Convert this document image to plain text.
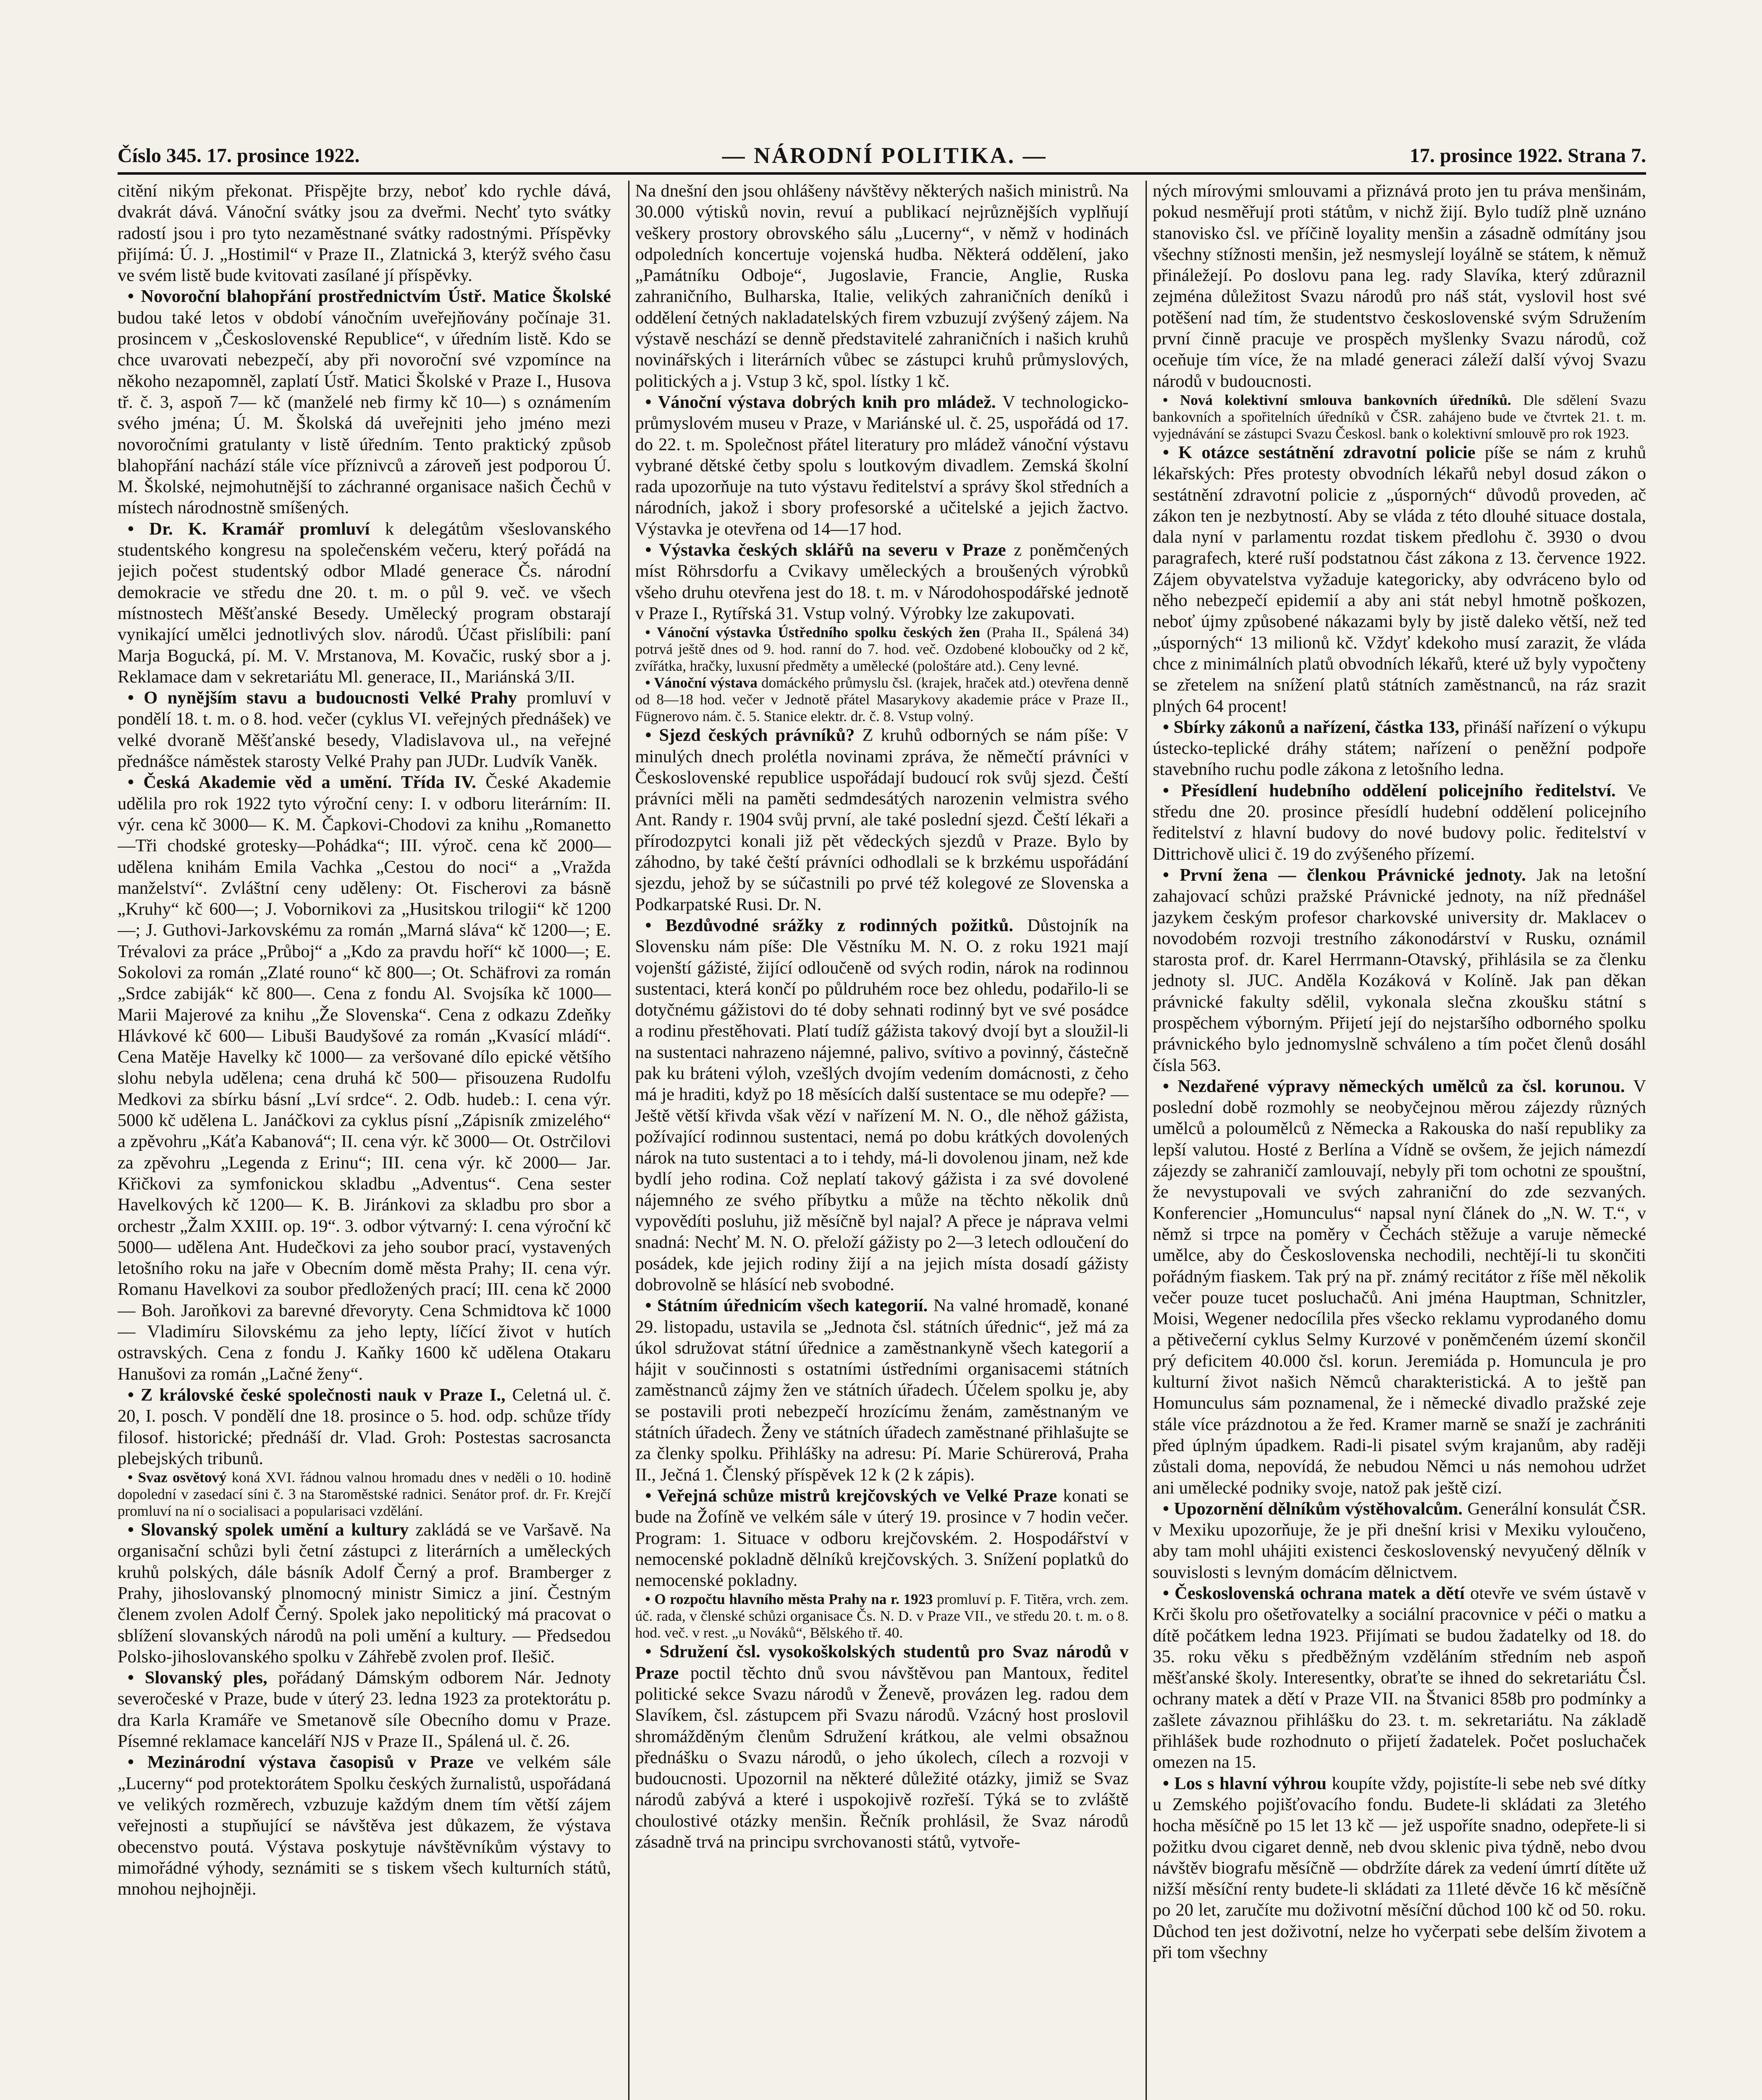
Číslo 345. 17. prosince 1922.	— NÁRODNÍ POLITIKA. —	17. prosince 1922. Strana 7.

citění nikým překonat. Přispějte brzy, neboť kdo rychle dává, dvakrát dává. Vánoční svátky jsou za dveřmi. Nechť tyto svátky radostí jsou i pro tyto nezaměstnané svátky radostnými. Příspěvky přijímá: Ú. J. „Hostimil“ v Praze II., Zlatnická 3, kterýž svého času ve svém listě bude kvitovati zasílané jí příspěvky.

• Novoroční blahopřání prostřednictvím Ústř. Matice Školské budou také letos v období vánočním uveřejňovány počínaje 31. prosincem v „Československé Republice“, v úředním listě. Kdo se chce uvarovati nebezpečí, aby při novoroční své vzpomínce na někoho nezapomněl, zaplatí Ústř. Matici Školské v Praze I., Husova tř. č. 3, aspoň 7— kč (manželé neb firmy kč 10—) s oznámením svého jména; Ú. M. Školská dá uveřejniti jeho jméno mezi novoročními gratulanty v listě úředním. Tento praktický způsob blahopřání nachází stále více příznivců a zároveň jest podporou Ú. M. Školské, nejmohutnější to záchranné organisace našich Čechů v místech národnostně smíšených.

• Dr. K. Kramář promluví k delegátům všeslovanského studentského kongresu na společenském večeru, který pořádá na jejich počest studentský odbor Mladé generace Čs. národní demokracie ve středu dne 20. t. m. o půl 9. več. ve všech místnostech Měšťanské Besedy. Umělecký program obstarají vynikající umělci jednotlivých slov. národů. Účast přislíbili: paní Marja Bogucká, pí. M. V. Mrstanova, M. Kovačic, ruský sbor a j. Reklamace dam v sekretariátu Ml. generace, II., Mariánská 3/II.

• O nynějším stavu a budoucnosti Velké Prahy promluví v pondělí 18. t. m. o 8. hod. večer (cyklus VI. veřejných přednášek) ve velké dvoraně Měšťanské besedy, Vladislavova ul., na veřejné přednášce náměstek starosty Velké Prahy pan JUDr. Ludvík Vaněk.

• Česká Akademie věd a umění. Třída IV. České Akademie udělila pro rok 1922 tyto výroční ceny: I. v odboru literárním: II. výr. cena kč 3000— K. M. Čapkovi-Chodovi za knihu „Romanetto—Tři chodské grotesky—Pohádka“; III. výroč. cena kč 2000— udělena knihám Emila Vachka „Cestou do noci“ a „Vražda manželství“. Zvláštní ceny uděleny: Ot. Fischerovi za básně „Kruhy“ kč 600—; J. Vobornikovi za „Husitskou trilogii“ kč 1200—; J. Guthovi-Jarkovskému za román „Marná sláva“ kč 1200—; E. Trévalovi za práce „Průboj“ a „Kdo za pravdu hoří“ kč 1000—; E. Sokolovi za román „Zlaté rouno“ kč 800—; Ot. Schäfrovi za román „Srdce zabiják“ kč 800—. Cena z fondu Al. Svojsíka kč 1000— Marii Majerové za knihu „Že Slovenska“. Cena z odkazu Zdeňky Hlávkové kč 600— Libuši Baudyšové za román „Kvasící mládí“. Cena Matěje Havelky kč 1000— za veršované dílo epické většího slohu nebyla udělena; cena druhá kč 500— přisouzena Rudolfu Medkovi za sbírku básní „Lví srdce“. 2. Odb. hudeb.: I. cena výr. 5000 kč udělena L. Janáčkovi za cyklus písní „Zápisník zmizelého“ a zpěvohru „Káťa Kabanová“; II. cena výr. kč 3000— Ot. Ostrčilovi za zpěvohru „Legenda z Erinu“; III. cena výr. kč 2000— Jar. Křičkovi za symfonickou skladbu „Adventus“. Cena sester Havelkových kč 1200— K. B. Jiránkovi za skladbu pro sbor a orchestr „Žalm XXIII. op. 19“. 3. odbor výtvarný: I. cena výroční kč 5000— udělena Ant. Hudečkovi za jeho soubor prací, vystavených letošního roku na jaře v Obecním domě města Prahy; II. cena výr. Romanu Havelkovi za soubor předložených prací; III. cena kč 2000— Boh. Jaroňkovi za barevné dřevoryty. Cena Schmidtova kč 1000— Vladimíru Silovskému za jeho lepty, líčící život v hutích ostravských. Cena z fondu J. Kaňky 1600 kč udělena Otakaru Hanušovi za román „Lačné ženy“.

• Z královské české společnosti nauk v Praze I., Celetná ul. č. 20, I. posch. V pondělí dne 18. prosince o 5. hod. odp. schůze třídy filosof. historické; přednáší dr. Vlad. Groh: Postestas sacrosancta plebejských tribunů.

• Svaz osvětový koná XVI. řádnou valnou hromadu dnes v neděli o 10. hodině dopolední v zasedací síni č. 3 na Staroměstské radnici. Senátor prof. dr. Fr. Krejčí promluví na ní o socialisaci a popularisaci vzdělání.

• Slovanský spolek umění a kultury zakládá se ve Varšavě. Na organisační schůzi byli četní zástupci z literárních a uměleckých kruhů polských, dále básník Adolf Černý a prof. Bramberger z Prahy, jihoslovanský plnomocný ministr Simicz a jiní. Čestným členem zvolen Adolf Černý. Spolek jako nepolitický má pracovat o sblížení slovanských národů na poli umění a kultury. — Předsedou Polsko-jihoslovanského spolku v Záhřebě zvolen prof. Ilešič.

• Slovanský ples, pořádaný Dámským odborem Nár. Jednoty severočeské v Praze, bude v úterý 23. ledna 1923 za protektorátu p. dra Karla Kramáře ve Smetanově síle Obecního domu v Praze. Písemné reklamace kanceláří NJS v Praze II., Spálená ul. č. 26.

• Mezinárodní výstava časopisů v Praze ve velkém sále „Lucerny“ pod protektorátem Spolku českých žurnalistů, uspořádaná ve velikých rozměrech, vzbuzuje každým dnem tím větší zájem veřejnosti a stupňující se návštěva jest důkazem, že výstava obecenstvo poutá. Výstava poskytuje návštěvníkům výstavy to mimořádné výhody, seznámiti se s tiskem všech kulturních států, mnohou nejhojněji.

Na dnešní den jsou ohlášeny návštěvy některých našich ministrů. Na 30.000 výtisků novin, revuí a publikací nejrůznějších vyplňují veškery prostory obrovského sálu „Lucerny“, v němž v hodinách odpoledních koncertuje vojenská hudba. Některá oddělení, jako „Památníku Odboje“, Jugoslavie, Francie, Anglie, Ruska zahraničního, Bulharska, Italie, velikých zahraničních deníků i oddělení četných nakladatelských firem vzbuzují zvýšený zájem. Na výstavě neschází se denně představitelé zahraničních i našich kruhů novinářských i literárních vůbec se zástupci kruhů průmyslových, politických a j. Vstup 3 kč, spol. lístky 1 kč.

• Vánoční výstava dobrých knih pro mládež. V technologicko-průmyslovém museu v Praze, v Mariánské ul. č. 25, uspořádá od 17. do 22. t. m. Společnost přátel literatury pro mládež vánoční výstavu vybrané dětské četby spolu s loutkovým divadlem. Zemská školní rada upozorňuje na tuto výstavu ředitelství a správy škol středních a národních, jakož i sbory profesorské a učitelské a jejich žactvo. Výstavka je otevřena od 14—17 hod.

• Výstavka českých sklářů na severu v Praze z poněmčených míst Röhrsdorfu a Cvikavy uměleckých a broušených výrobků všeho druhu otevřena jest do 18. t. m. v Národohospodářské jednotě v Praze I., Rytířská 31. Vstup volný. Výrobky lze zakupovati.

• Vánoční výstavka Ústředního spolku českých žen (Praha II., Spálená 34) potrvá ještě dnes od 9. hod. ranní do 7. hod. več. Ozdobené kloboučky od 2 kč, zvířátka, hračky, luxusní předměty a umělecké (pološtáre atd.). Ceny levné.

• Vánoční výstava domáckého průmyslu čsl. (krajek, hraček atd.) otevřena denně od 8—18 hod. večer v Jednotě přátel Masarykovy akademie práce v Praze II., Fügnerovo nám. č. 5. Stanice elektr. dr. č. 8. Vstup volný.

• Sjezd českých právníků? Z kruhů odborných se nám píše: V minulých dnech prolétla novinami zpráva, že němečtí právníci v Československé republice uspořádají budoucí rok svůj sjezd. Čeští právníci měli na paměti sedmdesátých narozenin velmistra svého Ant. Randy r. 1904 svůj první, ale také poslední sjezd. Čeští lékaři a přírodozpytci konali již pět vědeckých sjezdů v Praze. Bylo by záhodno, by také čeští právníci odhodlali se k brzkému uspořádání sjezdu, jehož by se súčastnili po prvé též kolegové ze Slovenska a Podkarpatské Rusi. Dr. N.

• Bezdůvodné srážky z rodinných požitků. Důstojník na Slovensku nám píše: Dle Věstníku M. N. O. z roku 1921 mají vojenští gážisté, žijící odloučeně od svých rodin, nárok na rodinnou sustentaci, která končí po půldruhém roce bez ohledu, podařilo-li se dotyčnému gážistovi do té doby sehnati rodinný byt ve své posádce a rodinu přestěhovati. Platí tudíž gážista takový dvojí byt a sloužil-li na sustentaci nahrazeno nájemné, palivo, svítivo a povinný, částečně pak ku bráteni výloh, vzešlých dvojím vedením domácnosti, z čeho má je hraditi, když po 18 měsících další sustentace se mu odepře? — Ještě větší křivda však vězí v nařízení M. N. O., dle něhož gážista, požívající rodinnou sustentaci, nemá po dobu krátkých dovolených nárok na tuto sustentaci a to i tehdy, má-li dovolenou jinam, než kde bydlí jeho rodina. Což neplatí takový gážista i za své dovolené nájemného ze svého příbytku a může na těchto několik dnů vypovědíti posluhu, již měsíčně byl najal? A přece je náprava velmi snadná: Nechť M. N. O. přeloží gážisty po 2—3 letech odloučení do posádek, kde jejich rodiny žijí a na jejich místa dosadí gážisty dobrovolně se hlásící neb svobodné.

• Státním úřednicím všech kategorií. Na valné hromadě, konané 29. listopadu, ustavila se „Jednota čsl. státních úřednic“, jež má za úkol sdružovat státní úřednice a zaměstnankyně všech kategorií a hájit v součinnosti s ostatními ústředními organisacemi státních zaměstnanců zájmy žen ve státních úřadech. Účelem spolku je, aby se postavili proti nebezpečí hrozícímu ženám, zaměstnaným ve státních úřadech. Ženy ve státních úřadech zaměstnané přihlašujte se za členky spolku. Přihlášky na adresu: Pí. Marie Schürerová, Praha II., Ječná 1. Členský příspěvek 12 k (2 k zápis).

• Veřejná schůze mistrů krejčovských ve Velké Praze konati se bude na Žofíně ve velkém sále v úterý 19. prosince v 7 hodin večer. Program: 1. Situace v odboru krejčovském. 2. Hospodářství v nemocenské pokladně dělníků krejčovských. 3. Snížení poplatků do nemocenské pokladny.

• O rozpočtu hlavního města Prahy na r. 1923 promluví p. F. Titěra, vrch. zem. úč. rada, v členské schůzi organisace Čs. N. D. v Praze VII., ve středu 20. t. m. o 8. hod. več. v rest. „u Nováků“, Bělského tř. 40.

• Sdružení čsl. vysokoškolských studentů pro Svaz národů v Praze poctil těchto dnů svou návštěvou pan Mantoux, ředitel politické sekce Svazu národů v Ženevě, provázen leg. radou dem Slavíkem, čsl. zástupcem při Svazu národů. Vzácný host proslovil shromážděným členům Sdružení krátkou, ale velmi obsažnou přednášku o Svazu národů, o jeho úkolech, cílech a rozvoji v budoucnosti. Upozornil na některé důležité otázky, jimiž se Svaz národů zabývá a které i uspokojivě rozřeší. Týká se to zvláště choulostivé otázky menšin. Řečník prohlásil, že Svaz národů zásadně trvá na principu svrchovanosti států, vytvoře-

ných mírovými smlouvami a přiznává proto jen tu práva menšinám, pokud nesměřují proti státům, v nichž žijí. Bylo tudíž plně uznáno stanovisko čsl. ve příčině loyality menšin a zásadně odmítány jsou všechny stížnosti menšin, jež nesmyslejí loyálně se státem, k němuž přináležejí. Po doslovu pana leg. rady Slavíka, který zdůraznil zejména důležitost Svazu národů pro náš stát, vyslovil host své potěšení nad tím, že studentstvo československé svým Sdružením první činně pracuje ve prospěch myšlenky Svazu národů, což oceňuje tím více, že na mladé generaci záleží další vývoj Svazu národů v budoucnosti.

• Nová kolektivní smlouva bankovních úředníků. Dle sdělení Svazu bankovních a spořitelních úředníků v ČSR. zahájeno bude ve čtvrtek 21. t. m. vyjednávání se zástupci Svazu Českosl. bank o kolektivní smlouvě pro rok 1923.

• K otázce sestátnění zdravotní policie píše se nám z kruhů lékařských: Přes protesty obvodních lékařů nebyl dosud zákon o sestátnění zdravotní policie z „úsporných“ důvodů proveden, ač zákon ten je nezbytností. Aby se vláda z této dlouhé situace dostala, dala nyní v parlamentu rozdat tiskem předlohu č. 3930 o dvou paragrafech, které ruší podstatnou část zákona z 13. července 1922. Zájem obyvatelstva vyžaduje kategoricky, aby odvráceno bylo od něho nebezpečí epidemií a aby ani stát nebyl hmotně poškozen, neboť újmy způsobené nákazami byly by jistě daleko větší, než ted „úsporných“ 13 milionů kč. Vždyť kdekoho musí zarazit, že vláda chce z minimálních platů obvodních lékařů, které už byly vypočteny se zřetelem na snížení platů státních zaměstnanců, na ráz srazit plných 64 procent!

• Sbírky zákonů a nařízení, částka 133, přináší nařízení o výkupu ústecko-teplické dráhy státem; nařízení o peněžní podpoře stavebního ruchu podle zákona z letošního ledna.

• Přesídlení hudebního oddělení policejního ředitelství. Ve středu dne 20. prosince přesídlí hudební oddělení policejního ředitelství z hlavní budovy do nové budovy polic. ředitelství v Dittrichově ulici č. 19 do zvýšeného přízemí.

• První žena — členkou Právnické jednoty. Jak na letošní zahajovací schůzi pražské Právnické jednoty, na níž přednášel jazykem českým profesor charkovské university dr. Maklacev o novodobém rozvoji trestního zákonodárství v Rusku, oznámil starosta prof. dr. Karel Herrmann-Otavský, přihlásila se za členku jednoty sl. JUC. Anděla Kozáková v Kolíně. Jak pan děkan právnické fakulty sdělil, vykonala slečna zkoušku státní s prospěchem výborným. Přijetí její do nejstaršího odborného spolku právnického bylo jednomyslně schváleno a tím počet členů dosáhl čísla 563.

• Nezdařené výpravy německých umělců za čsl. korunou. V poslední době rozmohly se neobyčejnou měrou zájezdy různých umělců a poloumělců z Německa a Rakouska do naší republiky za lepší valutou. Hosté z Berlína a Vídně se ovšem, že jejich námezdí zájezdy se zahraničí zamlouvají, nebyly při tom ochotni ze spouštní, že nevystupovali ve svých zahraniční do zde sezvaných. Konferencier „Homunculus“ napsal nyní článek do „N. W. T.“, v němž si trpce na poměry v Čechách stěžuje a varuje německé umělce, aby do Československa nechodili, nechtějí-li tu skončiti pořádným fiaskem. Tak prý na př. známý recitátor z říše měl několik večer pouze tucet posluchačů. Ani jména Hauptman, Schnitzler, Moisi, Wegener nedocílila přes všecko reklamu vyprodaného domu a pětivečerní cyklus Selmy Kurzové v poněmčeném území skončil prý deficitem 40.000 čsl. korun. Jeremiáda p. Homuncula je pro kulturní život našich Němců charakteristická. A to ještě pan Homunculus sám poznamenal, že i německé divadlo pražské zeje stále více prázdnotou a že řed. Kramer marně se snaží je zachrániti před úplným úpadkem. Radi-li pisatel svým krajanům, aby raději zůstali doma, nepovídá, že nebudou Němci u nás nemohou udržet ani umělecké podniky svoje, natož pak ještě cizí.

• Upozornění dělníkům výstěhovalcům. Generální konsulát ČSR. v Mexiku upozorňuje, že je při dnešní krisi v Mexiku vyloučeno, aby tam mohl uhájiti existenci československý nevyučený dělník v souvislosti s levným domácím dělnictvem.

• Československá ochrana matek a dětí otevře ve svém ústavě v Krči školu pro ošetřovatelky a sociální pracovnice v péči o matku a dítě počátkem ledna 1923. Přijímati se budou žadatelky od 18. do 35. roku věku s předběžným vzděláním středním neb aspoň měšťanské školy. Interesentky, obraťte se ihned do sekretariátu Čsl. ochrany matek a dětí v Praze VII. na Štvanici 858b pro podmínky a zašlete závaznou přihlášku do 23. t. m. sekretariátu. Na základě přihlášek bude rozhodnuto o přijetí žadatelek. Počet posluchaček omezen na 15.

• Los s hlavní výhrou koupíte vždy, pojistíte-li sebe neb své dítky u Zemského pojišťovacího fondu. Budete-li skládati za 3letého hocha měsíčně po 15 let 13 kč — jež uspoříte snadno, odepřete-li si požitku dvou cigaret denně, neb dvou sklenic piva týdně, nebo dvou návštěv biografu měsíčně — obdržíte dárek za vedení úmrtí dítěte už nižší měsíční renty budete-li skládati za 11leté děvče 16 kč měsíčně po 20 let, zaručíte mu doživotní měsíční důchod 100 kč od 50. roku. Důchod ten jest doživotní, nelze ho vyčerpati sebe delším životem a při tom všechny
